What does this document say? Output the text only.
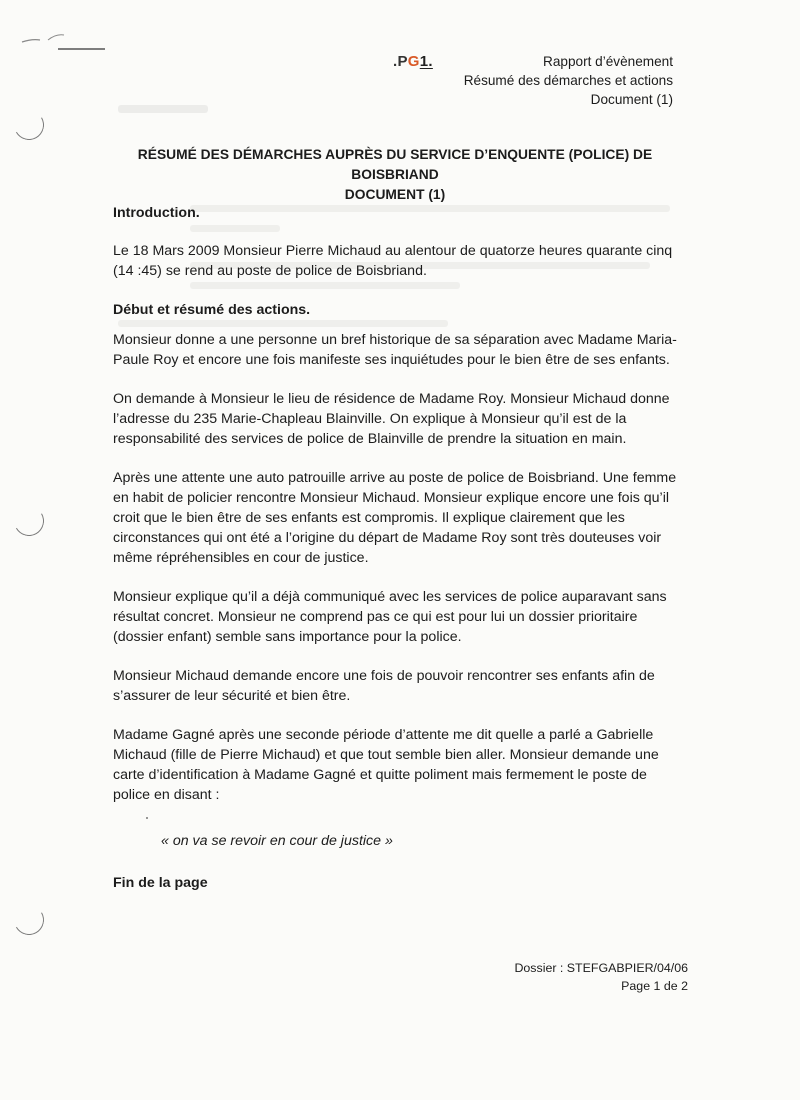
.PG1.	Rapport d’évènement
Résumé des démarches et actions
Document (1)
RÉSUMÉ DES DÉMARCHES AUPRÈS DU SERVICE D’ENQUENTE (POLICE) DE BOISBRIAND
DOCUMENT (1)

Introduction.

Le 18 Mars 2009 Monsieur Pierre Michaud au alentour de quatorze heures quarante cinq (14 :45) se rend au poste de police de Boisbriand.

Début et résumé des actions.

Monsieur donne a une personne un bref historique de sa séparation avec Madame Maria-Paule Roy et encore une fois manifeste ses inquiétudes pour le bien être de ses enfants.

On demande à Monsieur le lieu de résidence de Madame Roy. Monsieur Michaud donne l’adresse du 235 Marie-Chapleau Blainville. On explique à Monsieur qu’il est de la responsabilité des services de police de Blainville de prendre la situation en main.

Après une attente une auto patrouille arrive au poste de police de Boisbriand. Une femme en habit de policier rencontre Monsieur Michaud. Monsieur explique encore une fois qu’il croit que le bien être de ses enfants est compromis. Il explique clairement que les circonstances qui ont été a l’origine du départ de Madame Roy sont très douteuses voir même répréhensibles en cour de justice.

Monsieur explique qu’il a déjà communiqué avec les services de police auparavant sans résultat concret. Monsieur ne comprend pas ce qui est pour lui un dossier prioritaire (dossier enfant) semble sans importance pour la police.

Monsieur Michaud demande encore une fois de pouvoir rencontrer ses enfants afin de s’assurer de leur sécurité et bien être.

Madame Gagné après une seconde période d’attente me dit quelle a parlé a Gabrielle Michaud (fille de Pierre Michaud) et que tout semble bien aller. Monsieur demande une carte d’identification à Madame Gagné et quitte poliment mais fermement le poste de police en disant :

« on va se revoir en cour de justice »

Fin de la page

Dossier : STEFGABPIER/04/06
Page 1 de 2
